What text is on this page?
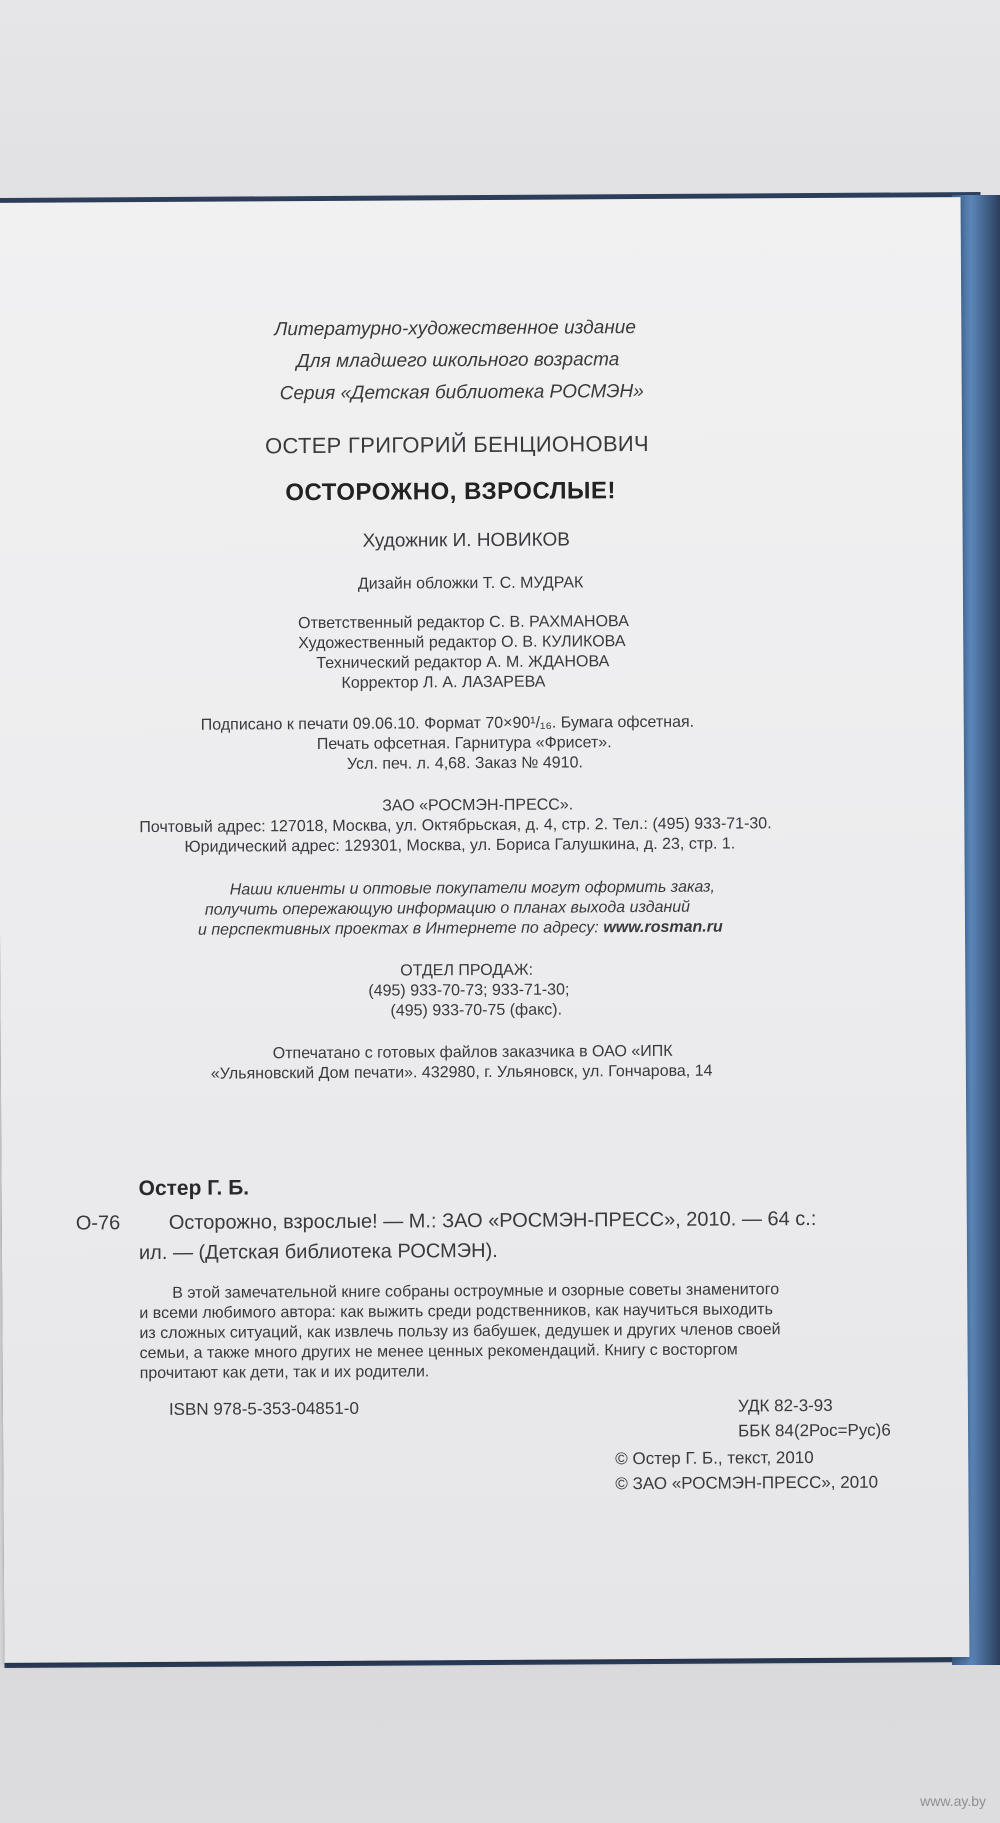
Литературно-художественное издание
Для младшего школьного возраста
Серия «Детская библиотека РОСМЭН»
ОСТЕР ГРИГОРИЙ БЕНЦИОНОВИЧ
ОСТОРОЖНО, ВЗРОСЛЫЕ!
Художник И. НОВИКОВ
Дизайн обложки Т. С. МУДРАК
Ответственный редактор С. В. РАХМАНОВА
Художественный редактор О. В. КУЛИКОВА
Технический редактор А. М. ЖДАНОВА
Корректор Л. А. ЛАЗАРЕВА
Подписано к печати 09.06.10. Формат 70×90¹/₁₆. Бумага офсетная.
Печать офсетная. Гарнитура «Фрисет».
Усл. печ. л. 4,68. Заказ № 4910.
ЗАО «РОСМЭН-ПРЕСС».
Почтовый адрес: 127018, Москва, ул. Октябрьская, д. 4, стр. 2. Тел.: (495) 933-71-30.
Юридический адрес: 129301, Москва, ул. Бориса Галушкина, д. 23, стр. 1.
Наши клиенты и оптовые покупатели могут оформить заказ,
получить опережающую информацию о планах выхода изданий
и перспективных проектах в Интернете по адресу: www.rosman.ru
ОТДЕЛ ПРОДАЖ:
(495) 933-70-73; 933-71-30;
(495) 933-70-75 (факс).
Отпечатано с готовых файлов заказчика в ОАО «ИПК
«Ульяновский Дом печати». 432980, г. Ульяновск, ул. Гончарова, 14
Остер Г. Б.
О-76 Осторожно, взрослые! — М.: ЗАО «РОСМЭН-ПРЕСС», 2010. — 64 с.:
ил. — (Детская библиотека РОСМЭН).
В этой замечательной книге собраны остроумные и озорные советы знаменитого
и всеми любимого автора: как выжить среди родственников, как научиться выходить
из сложных ситуаций, как извлечь пользу из бабушек, дедушек и других членов своей
семьи, а также много других не менее ценных рекомендаций. Книгу с восторгом
прочитают как дети, так и их родители.
ISBN 978-5-353-04851-0	УДК 82-3-93
ББК 84(2Рос=Рус)6
© Остер Г. Б., текст, 2010
© ЗАО «РОСМЭН-ПРЕСС», 2010
www.ay.by
